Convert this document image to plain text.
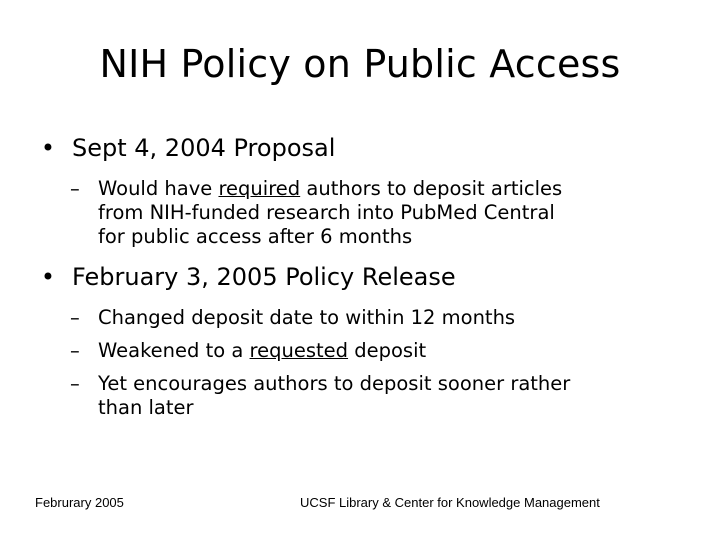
NIH Policy on Public Access
• Sept 4, 2004 Proposal
– Would have required authors to deposit articles
from NIH-funded research into PubMed Central
for public access after 6 months
• February 3, 2005 Policy Release
– Changed deposit date to within 12 months
– Weakened to a requested deposit
– Yet encourages authors to deposit sooner rather
than later
Februrary 2005	UCSF Library & Center for Knowledge Management
